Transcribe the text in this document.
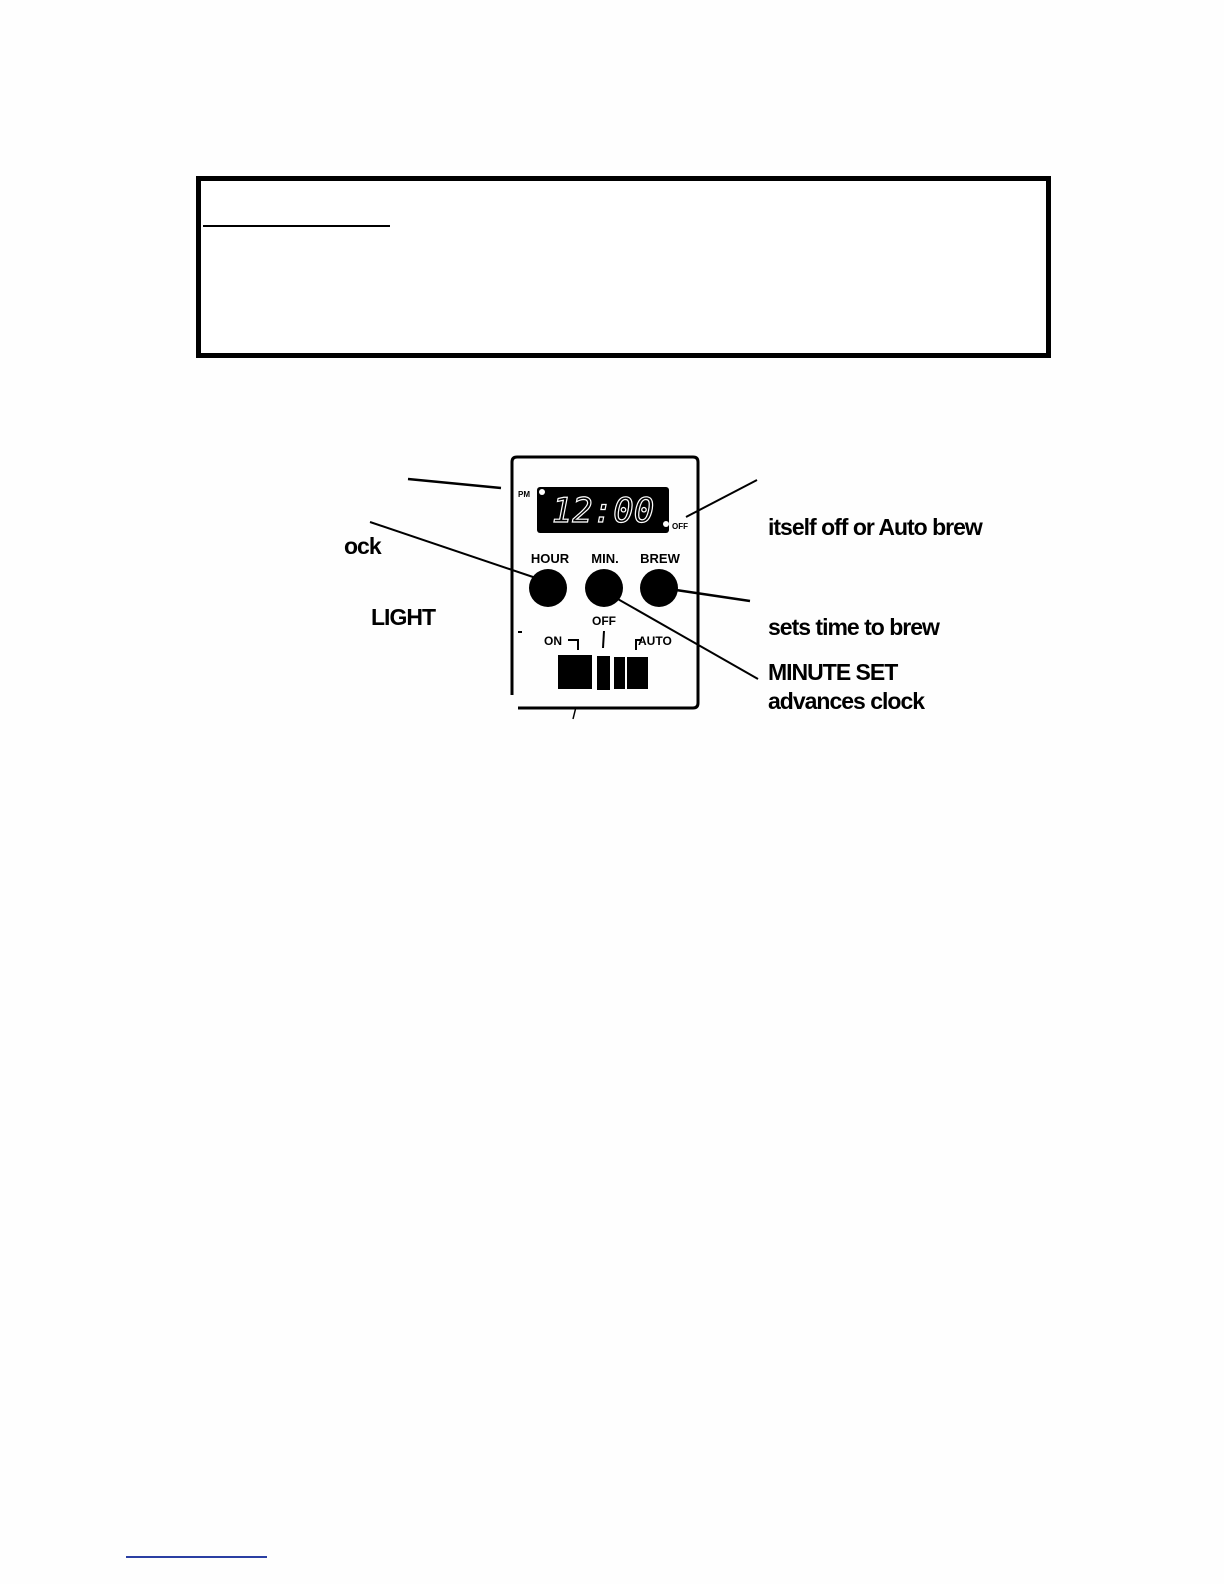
12:00
PM
OFF
HOUR MIN. BREW
OFF
ON	AUTO
ock
LIGHT
itself off or Auto brew
sets time to brew
MINUTE SET
advances clock
